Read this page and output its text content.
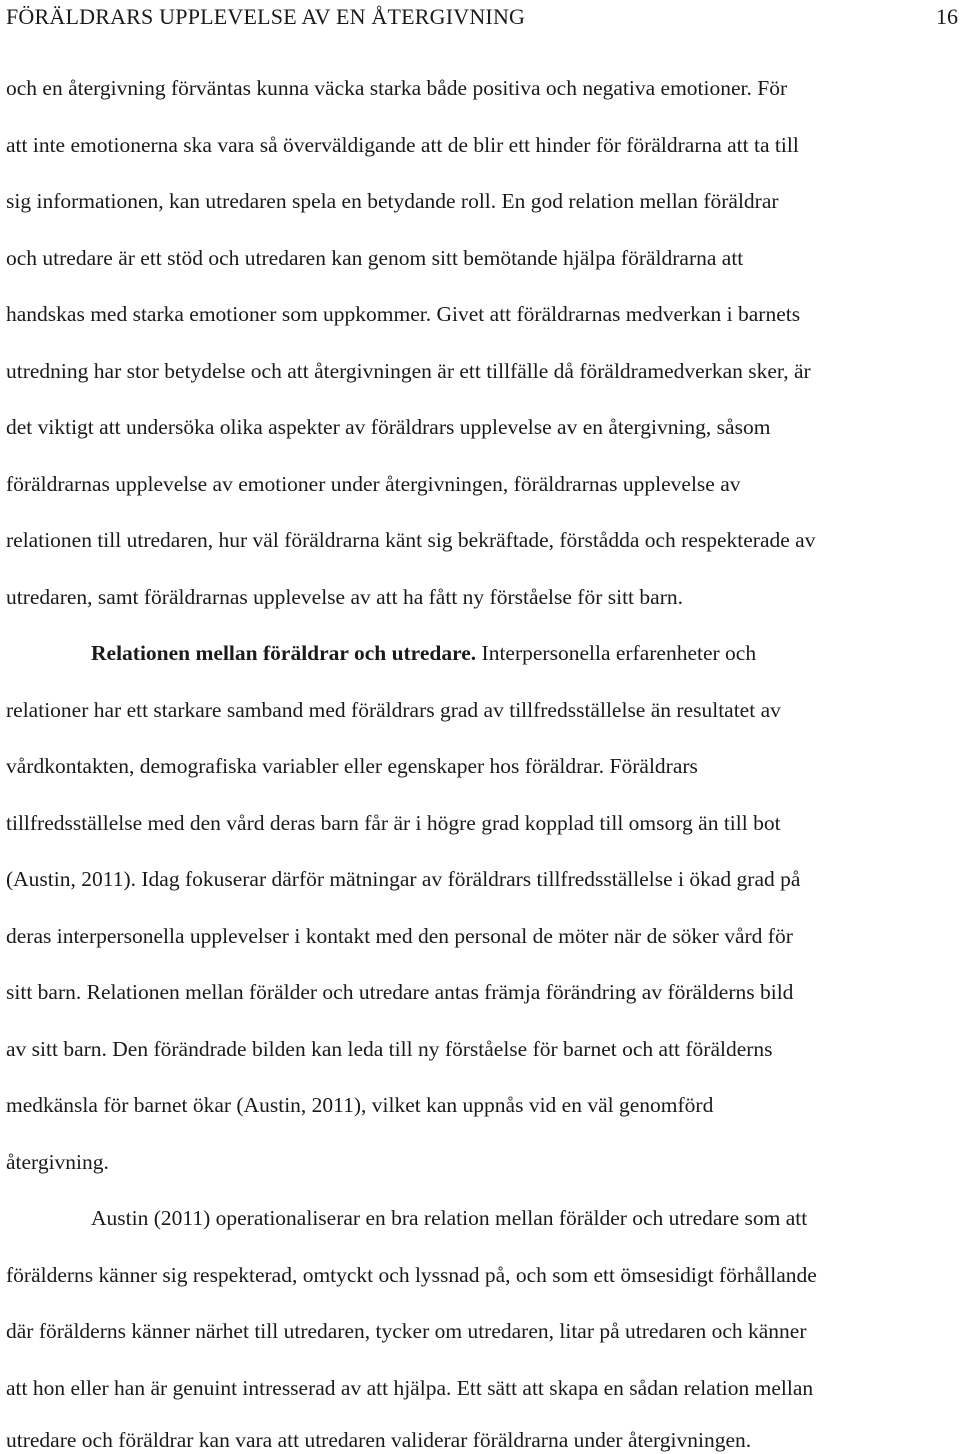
FÖRÄLDRARS UPPLEVELSE AV EN ÅTERGIVNING	16
och en återgivning förväntas kunna väcka starka både positiva och negativa emotioner. För
att inte emotionerna ska vara så överväldigande att de blir ett hinder för föräldrarna att ta till
sig informationen, kan utredaren spela en betydande roll. En god relation mellan föräldrar
och utredare är ett stöd och utredaren kan genom sitt bemötande hjälpa föräldrarna att
handskas med starka emotioner som uppkommer. Givet att föräldrarnas medverkan i barnets
utredning har stor betydelse och att återgivningen är ett tillfälle då föräldramedverkan sker, är
det viktigt att undersöka olika aspekter av föräldrars upplevelse av en återgivning, såsom
föräldrarnas upplevelse av emotioner under återgivningen, föräldrarnas upplevelse av
relationen till utredaren, hur väl föräldrarna känt sig bekräftade, förstådda och respekterade av
utredaren, samt föräldrarnas upplevelse av att ha fått ny förståelse för sitt barn.
Relationen mellan föräldrar och utredare. Interpersonella erfarenheter och
relationer har ett starkare samband med föräldrars grad av tillfredsställelse än resultatet av
vårdkontakten, demografiska variabler eller egenskaper hos föräldrar. Föräldrars
tillfredsställelse med den vård deras barn får är i högre grad kopplad till omsorg än till bot
(Austin, 2011). Idag fokuserar därför mätningar av föräldrars tillfredsställelse i ökad grad på
deras interpersonella upplevelser i kontakt med den personal de möter när de söker vård för
sitt barn. Relationen mellan förälder och utredare antas främja förändring av förälderns bild
av sitt barn. Den förändrade bilden kan leda till ny förståelse för barnet och att förälderns
medkänsla för barnet ökar (Austin, 2011), vilket kan uppnås vid en väl genomförd
återgivning.
Austin (2011) operationaliserar en bra relation mellan förälder och utredare som att
förälderns känner sig respekterad, omtyckt och lyssnad på, och som ett ömsesidigt förhållande
där förälderns känner närhet till utredaren, tycker om utredaren, litar på utredaren och känner
att hon eller han är genuint intresserad av att hjälpa. Ett sätt att skapa en sådan relation mellan
utredare och föräldrar kan vara att utredaren validerar föräldrarna under återgivningen.
